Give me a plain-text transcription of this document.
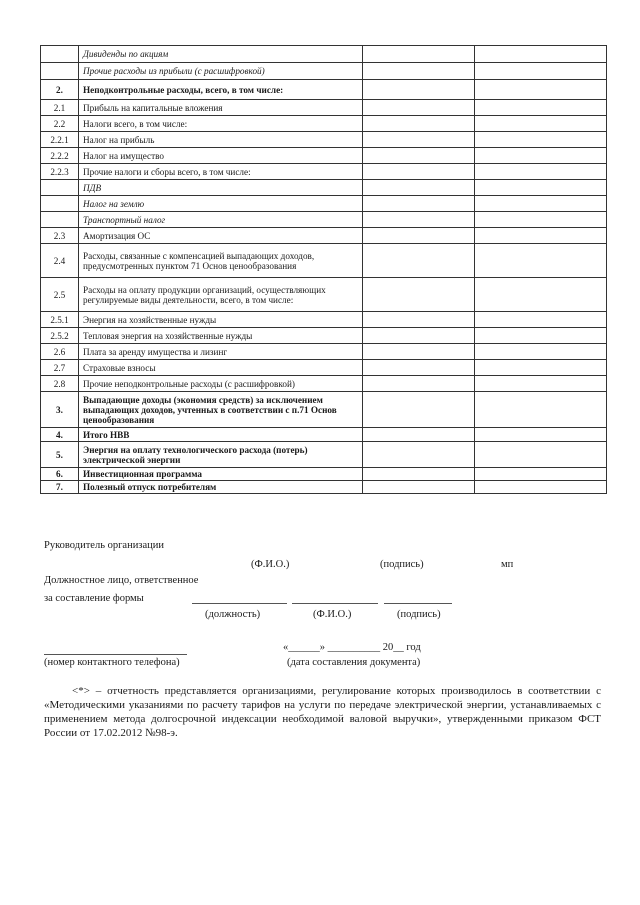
	Дивиденды по акциям		
	Прочие расходы из прибыли (с расшифровкой)		
2.	Неподконтрольные расходы, всего, в том числе:		
2.1	Прибыль на капитальные вложения		
2.2	Налоги всего, в том числе:		
2.2.1	Налог на прибыль		
2.2.2	Налог на имущество		
2.2.3	Прочие налоги и сборы всего, в том числе:		
	ПДВ		
	Налог на землю		
	Транспортный налог		
2.3	Амортизация ОС		
2.4	Расходы, связанные с компенсацией выпадающих доходов, предусмотренных пунктом 71 Основ ценообразования		
2.5	Расходы на оплату продукции организаций, осуществляющих регулируемые виды деятельности, всего, в том числе:		
2.5.1	Энергия на хозяйственные нужды		
2.5.2	Тепловая энергия на хозяйственные нужды		
2.6	Плата за аренду имущества и лизинг		
2.7	Страховые взносы		
2.8	Прочие неподконтрольные расходы (с расшифровкой)		
3.	Выпадающие доходы (экономия средств) за исключением выпадающих доходов, учтенных в соответствии с п.71 Основ ценообразования		
4.	Итого НВВ		
5.	Энергия на оплату технологического расхода (потерь) электрической энергии		
6.	Инвестиционная программа		
7.	Полезный отпуск потребителям		
Руководитель организации
(Ф.И.О.)	(подпись)	мп
Должностное лицо, ответственное
за составление формы
(должность)	(Ф.И.О.)	(подпись)
«______» __________ 20__ год
(номер контактного телефона)	(дата составления документа)

<*> – отчетность представляется организациями, регулирование которых производилось в соответствии с «Методическими указаниями по расчету тарифов на услуги по передаче электрической энергии, устанавливаемых с применением метода долгосрочной индексации необходимой валовой выручки», утвержденными приказом ФСТ России от 17.02.2012 №98-э.
